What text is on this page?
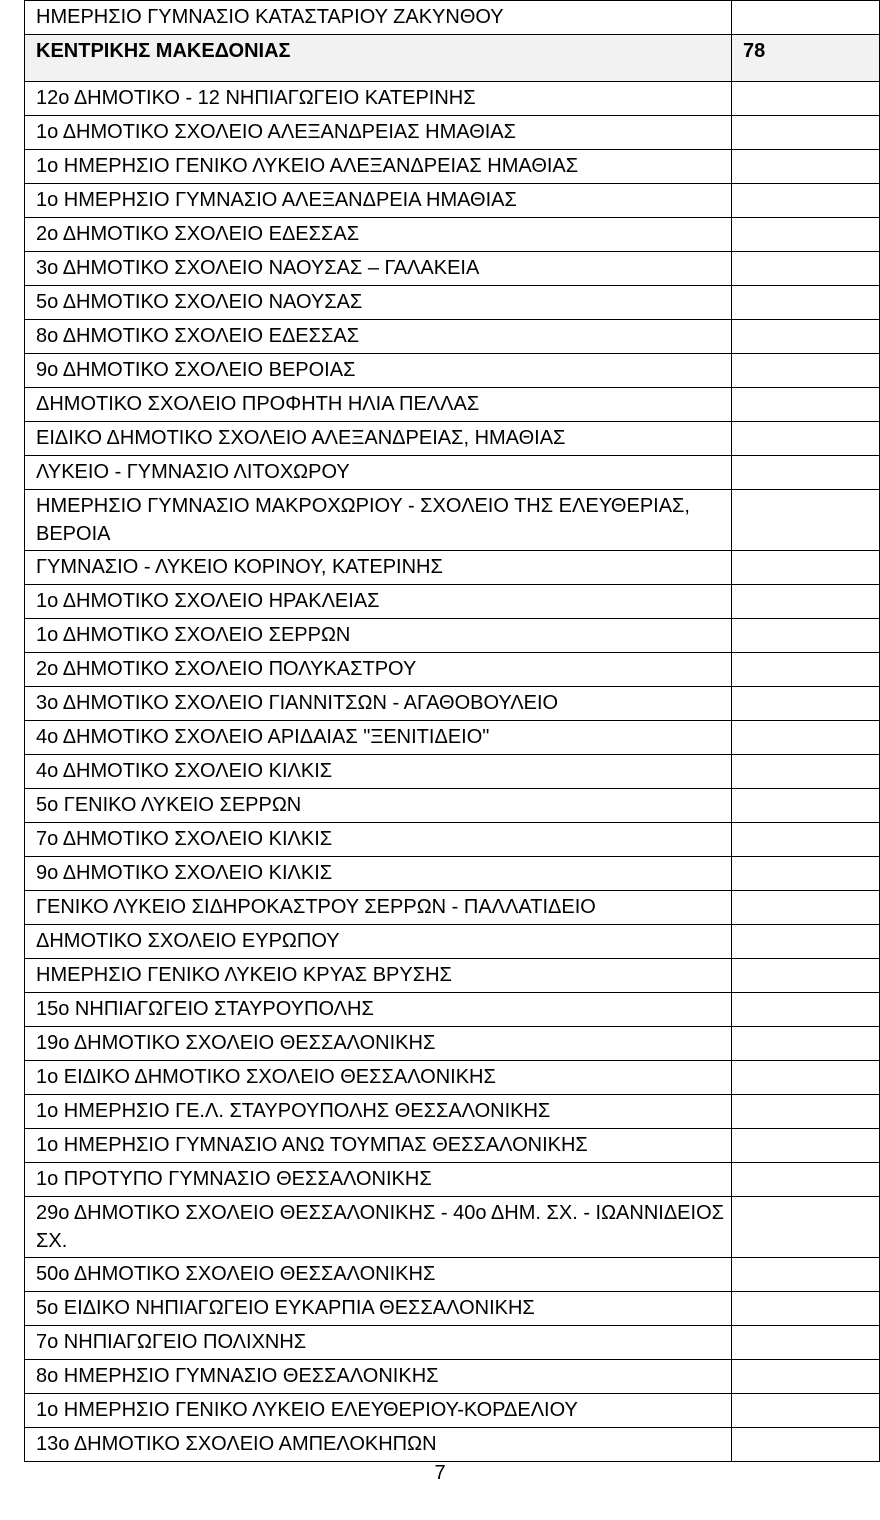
ΗΜΕΡΗΣΙΟ ΓΥΜΝΑΣΙΟ ΚΑΤΑΣΤΑΡΙΟΥ ΖΑΚΥΝΘΟΥ	
ΚΕΝΤΡΙΚΗΣ ΜΑΚΕΔΟΝΙΑΣ	78
12ο ΔΗΜΟΤΙΚΟ - 12 ΝΗΠΙΑΓΩΓΕΙΟ ΚΑΤΕΡΙΝΗΣ	
1ο ΔΗΜΟΤΙΚΟ ΣΧΟΛΕΙΟ ΑΛΕΞΑΝΔΡΕΙΑΣ ΗΜΑΘΙΑΣ	
1ο ΗΜΕΡΗΣΙΟ ΓΕΝΙΚΟ ΛΥΚΕΙΟ ΑΛΕΞΑΝΔΡΕΙΑΣ ΗΜΑΘΙΑΣ	
1ο ΗΜΕΡΗΣΙΟ ΓΥΜΝΑΣΙΟ ΑΛΕΞΑΝΔΡΕΙΑ ΗΜΑΘΙΑΣ	
2ο ΔΗΜΟΤΙΚΟ ΣΧΟΛΕΙΟ ΕΔΕΣΣΑΣ	
3ο ΔΗΜΟΤΙΚΟ ΣΧΟΛΕΙΟ ΝΑΟΥΣΑΣ – ΓΑΛΑΚΕΙΑ	
5ο ΔΗΜΟΤΙΚΟ ΣΧΟΛΕΙΟ ΝΑΟΥΣΑΣ	
8ο ΔΗΜΟΤΙΚΟ ΣΧΟΛΕΙΟ ΕΔΕΣΣΑΣ	
9ο ΔΗΜΟΤΙΚΟ ΣΧΟΛΕΙΟ ΒΕΡΟΙΑΣ	
ΔΗΜΟΤΙΚΟ ΣΧΟΛΕΙΟ ΠΡΟΦΗΤΗ ΗΛΙΑ ΠΕΛΛΑΣ	
ΕΙΔΙΚΟ ΔΗΜΟΤΙΚΟ ΣΧΟΛΕΙΟ ΑΛΕΞΑΝΔΡΕΙΑΣ, ΗΜΑΘΙΑΣ	
ΛΥΚΕΙΟ - ΓΥΜΝΑΣΙΟ ΛΙΤΟΧΩΡΟΥ	
ΗΜΕΡΗΣΙΟ ΓΥΜΝΑΣΙΟ ΜΑΚΡΟΧΩΡΙΟΥ - ΣΧΟΛΕΙΟ ΤΗΣ ΕΛΕΥΘΕΡΙΑΣ, ΒΕΡΟΙΑ	
ΓΥΜΝΑΣΙΟ - ΛΥΚΕΙΟ ΚΟΡΙΝΟΥ, ΚΑΤΕΡΙΝΗΣ	
1ο ΔΗΜΟΤΙΚΟ ΣΧΟΛΕΙΟ ΗΡΑΚΛΕΙΑΣ	
1ο ΔΗΜΟΤΙΚΟ ΣΧΟΛΕΙΟ ΣΕΡΡΩΝ	
2ο ΔΗΜΟΤΙΚΟ ΣΧΟΛΕΙΟ ΠΟΛΥΚΑΣΤΡΟΥ	
3ο ΔΗΜΟΤΙΚΟ ΣΧΟΛΕΙΟ ΓΙΑΝΝΙΤΣΩΝ - ΑΓΑΘΟΒΟΥΛΕΙΟ	
4ο ΔΗΜΟΤΙΚΟ ΣΧΟΛΕΙΟ ΑΡΙΔΑΙΑΣ "ΞΕΝΙΤΙΔΕΙΟ"	
4ο ΔΗΜΟΤΙΚΟ ΣΧΟΛΕΙΟ ΚΙΛΚΙΣ	
5ο ΓΕΝΙΚΟ ΛΥΚΕΙΟ ΣΕΡΡΩΝ	
7ο ΔΗΜΟΤΙΚΟ ΣΧΟΛΕΙΟ ΚΙΛΚΙΣ	
9ο ΔΗΜΟΤΙΚΟ ΣΧΟΛΕΙΟ ΚΙΛΚΙΣ	
ΓΕΝΙΚΟ ΛΥΚΕΙΟ ΣΙΔΗΡΟΚΑΣΤΡΟΥ ΣΕΡΡΩΝ - ΠΑΛΛΑΤΙΔΕΙΟ	
ΔΗΜΟΤΙΚΟ ΣΧΟΛΕΙΟ ΕΥΡΩΠΟΥ	
ΗΜΕΡΗΣΙΟ ΓΕΝΙΚΟ ΛΥΚΕΙΟ ΚΡΥΑΣ ΒΡΥΣΗΣ	
15ο ΝΗΠΙΑΓΩΓΕΙΟ ΣΤΑΥΡΟΥΠΟΛΗΣ	
19ο ΔΗΜΟΤΙΚΟ ΣΧΟΛΕΙΟ ΘΕΣΣΑΛΟΝΙΚΗΣ	
1ο ΕΙΔΙΚΟ ΔΗΜΟΤΙΚΟ ΣΧΟΛΕΙΟ ΘΕΣΣΑΛΟΝΙΚΗΣ	
1ο ΗΜΕΡΗΣΙΟ ΓΕ.Λ. ΣΤΑΥΡΟΥΠΟΛΗΣ ΘΕΣΣΑΛΟΝΙΚΗΣ	
1ο ΗΜΕΡΗΣΙΟ ΓΥΜΝΑΣΙΟ ΑΝΩ ΤΟΥΜΠΑΣ ΘΕΣΣΑΛΟΝΙΚΗΣ	
1ο ΠΡΟΤΥΠΟ ΓΥΜΝΑΣΙΟ ΘΕΣΣΑΛΟΝΙΚΗΣ	
29ο ΔΗΜΟΤΙΚΟ ΣΧΟΛΕΙΟ ΘΕΣΣΑΛΟΝΙΚΗΣ - 40ο ΔΗΜ. ΣΧ. - ΙΩΑΝΝΙΔΕΙΟΣ ΣΧ.	
50ο ΔΗΜΟΤΙΚΟ ΣΧΟΛΕΙΟ ΘΕΣΣΑΛΟΝΙΚΗΣ	
5ο ΕΙΔΙΚΟ ΝΗΠΙΑΓΩΓΕΙΟ ΕΥΚΑΡΠΙΑ ΘΕΣΣΑΛΟΝΙΚΗΣ	
7ο ΝΗΠΙΑΓΩΓΕΙΟ ΠΟΛΙΧΝΗΣ	
8ο ΗΜΕΡΗΣΙΟ ΓΥΜΝΑΣΙΟ ΘΕΣΣΑΛΟΝΙΚΗΣ	
1ο ΗΜΕΡΗΣΙΟ ΓΕΝΙΚΟ ΛΥΚΕΙΟ ΕΛΕΥΘΕΡΙΟΥ-ΚΟΡΔΕΛΙΟΥ	
13ο ΔΗΜΟΤΙΚΟ ΣΧΟΛΕΙΟ ΑΜΠΕΛΟΚΗΠΩΝ	
7
